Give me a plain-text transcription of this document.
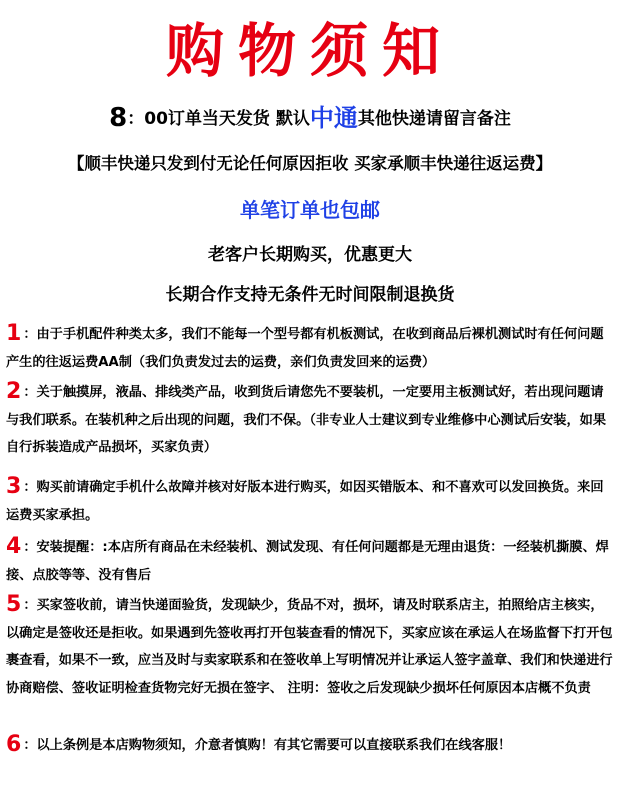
购物须知
8：00订单当天发货 默认中通其他快递请留言备注
【顺丰快递只发到付无论任何原因拒收 买家承顺丰快递往返运费】
单笔订单也包邮
老客户长期购买，优惠更大
长期合作支持无条件无时间限制退换货
1 ：由于手机配件种类太多，我们不能每一个型号都有机板测试，在收到商品后裸机测试时有任何问题 产生的往返运费AA制（我们负责发过去的运费，亲们负责发回来的运费）
2 ：关于触摸屏，液晶、排线类产品，收到货后请您先不要装机，一定要用主板测试好，若出现问题请与我们联系。在装机种之后出现的问题，我们不保。（非专业人士建议到专业维修中心测试后安装，如果自行拆装造成产品损坏，买家负责）
3 ：购买前请确定手机什么故障并核对好版本进行购买，如因买错版本、和不喜欢可以发回换货。来回运费买家承担。
4 ：安装提醒：:本店所有商品在未经装机、测试发现、有任何问题都是无理由退货：一经装机撕膜、焊接、点胶等等、没有售后
5 ：买家签收前，请当快递面验货，发现缺少，货品不对，损坏，请及时联系店主，拍照给店主核实，以确定是签收还是拒收。如果遇到先签收再打开包装查看的情况下，买家应该在承运人在场监督下打开包裹查看，如果不一致，应当及时与卖家联系和在签收单上写明情况并让承运人签字盖章、我们和快递进行协商赔偿、签收证明检查货物完好无损在签字、 注明：签收之后发现缺少损坏任何原因本店概不负责
6 ：以上条例是本店购物须知，介意者慎购！有其它需要可以直接联系我们在线客服！
